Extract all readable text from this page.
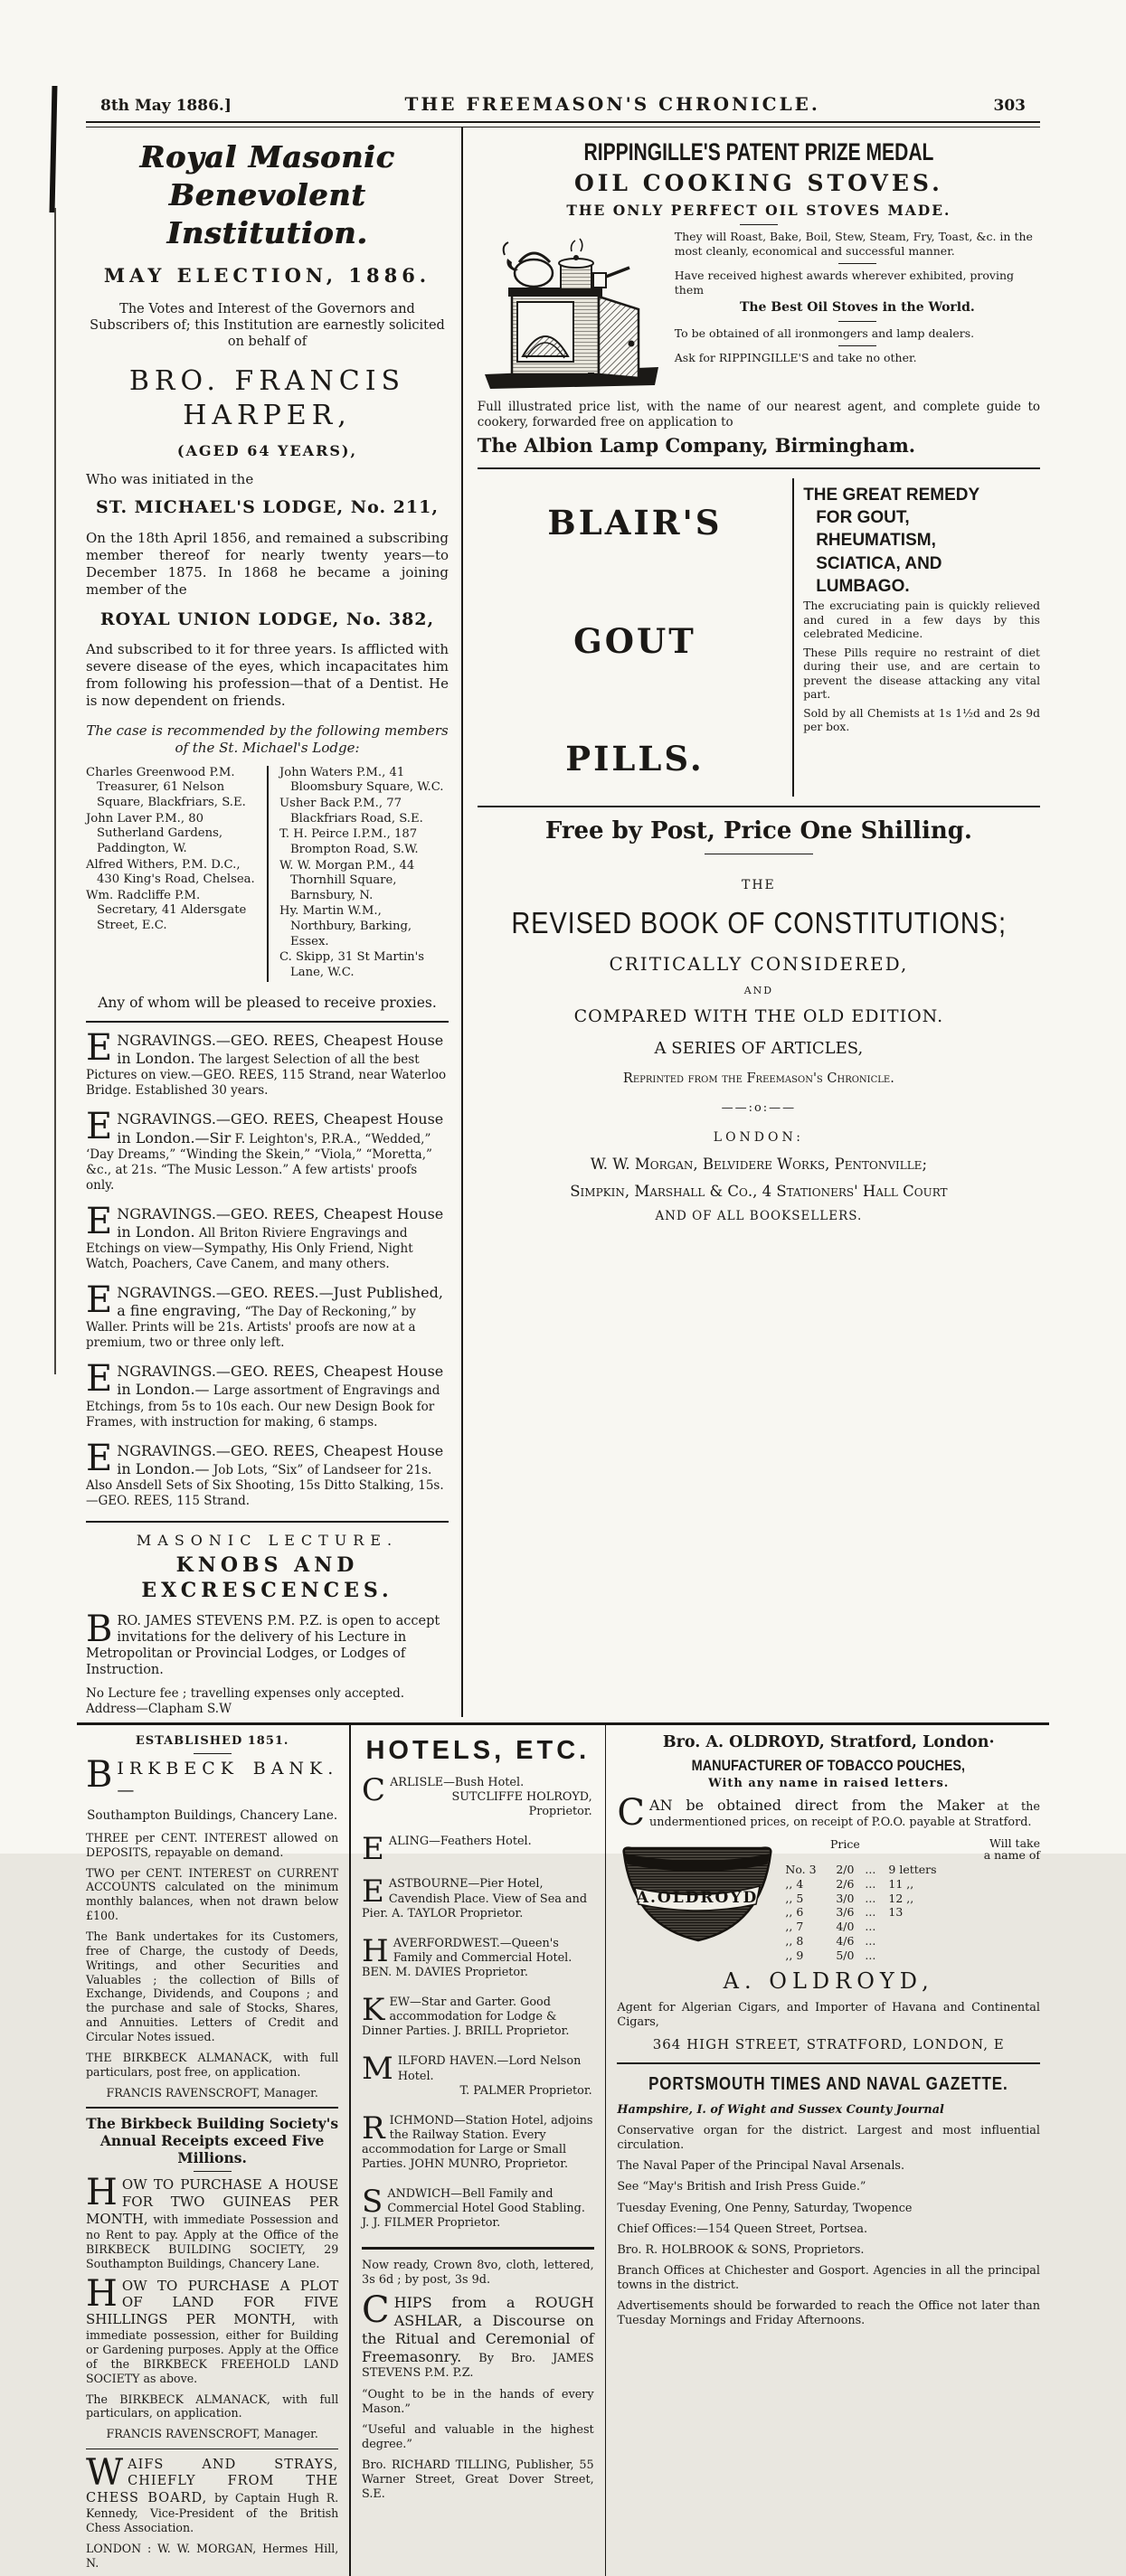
8th May 1886.]	THE FREEMASON'S CHRONICLE.	303
Royal Masonic Benevolent Institution.
MAY ELECTION, 1886.

The Votes and Interest of the Governors and Subscribers of; this Institution are earnestly solicited on behalf of

BRO. FRANCIS HARPER,
(AGED 64 YEARS),

Who was initiated in the

ST. MICHAEL'S LODGE, No. 211,

On the 18th April 1856, and remained a subscribing member thereof for nearly twenty years—to December 1875. In 1868 he became a joining member of the

ROYAL UNION LODGE, No. 382,

And subscribed to it for three years. Is afflicted with severe disease of the eyes, which incapacitates him from following his profession—that of a Dentist. He is now dependent on friends.

The case is recommended by the following members of the St. Michael's Lodge:

Charles Greenwood P.M. Treasurer, 61 Nelson Square, Blackfriars, S.E.
John Laver P.M., 80 Sutherland Gardens, Paddington, W.
Alfred Withers, P.M. D.C., 430 King's Road, Chelsea.
Wm. Radcliffe P.M. Secretary, 41 Aldersgate Street, E.C.
John Waters P.M., 41 Bloomsbury Square, W.C.
Usher Back P.M., 77 Blackfriars Road, S.E.
T. H. Peirce I.P.M., 187 Brompton Road, S.W.
W. W. Morgan P.M., 44 Thornhill Square, Barnsbury, N.
Hy. Martin W.M., Northbury, Barking, Essex.
C. Skipp, 31 St Martin's Lane, W.C.

Any of whom will be pleased to receive proxies.

ENGRAVINGS.—GEO. REES, Cheapest House in London. The largest Selection of all the best Pictures on view.—GEO. REES, 115 Strand, near Waterloo Bridge. Established 30 years.

ENGRAVINGS.—GEO. REES, Cheapest House in London.—Sir F. Leighton's, P.R.A., “Wedded,” ‘Day Dreams,” “Winding the Skein,” “Viola,” “Moretta,” &c., at 21s. “The Music Lesson.” A few artists' proofs only.

ENGRAVINGS.—GEO. REES, Cheapest House in London. All Briton Riviere Engravings and Etchings on view—Sympathy, His Only Friend, Night Watch, Poachers, Cave Canem, and many others.

ENGRAVINGS.—GEO. REES.—Just Published, a fine engraving, “The Day of Reckoning,” by Waller. Prints will be 21s. Artists' proofs are now at a premium, two or three only left.

ENGRAVINGS.—GEO. REES, Cheapest House in London.— Large assortment of Engravings and Etchings, from 5s to 10s each. Our new Design Book for Frames, with instruction for making, 6 stamps.

ENGRAVINGS.—GEO. REES, Cheapest House in London.— Job Lots, “Six” of Landseer for 21s. Also Ansdell Sets of Six Shooting, 15s Ditto Stalking, 15s.—GEO. REES, 115 Strand.

MASONIC LECTURE.
KNOBS AND EXCRESCENCES.

BRO. JAMES STEVENS P.M. P.Z. is open to accept invitations for the delivery of his Lecture in Metropolitan or Provincial Lodges, or Lodges of Instruction.

No Lecture fee ; travelling expenses only accepted. Address—Clapham S.W

RIPPINGILLE'S PATENT PRIZE MEDAL
OIL COOKING STOVES.
THE ONLY PERFECT OIL STOVES MADE.

They will Roast, Bake, Boil, Stew, Steam, Fry, Toast, &c. in the most cleanly, economical and successful manner.

Have received highest awards wherever exhibited, proving them

The Best Oil Stoves in the World.

To be obtained of all ironmongers and lamp dealers.

Ask for RIPPINGILLE'S and take no other.

Full illustrated price list, with the name of our nearest agent, and complete guide to cookery, forwarded free on application to

The Albion Lamp Company, Birmingham.
BLAIR'S
GOUT
PILLS.
THE GREAT REMEDY
FOR GOUT,
RHEUMATISM,
SCIATICA, AND
LUMBAGO.

The excruciating pain is quickly relieved and cured in a few days by this celebrated Medicine.

These Pills require no restraint of diet during their use, and are certain to prevent the disease attacking any vital part.

Sold by all Chemists at 1s 1½d and 2s 9d per box.

Free by Post, Price One Shilling.
THE
REVISED BOOK OF CONSTITUTIONS;
CRITICALLY CONSIDERED,
AND
COMPARED WITH THE OLD EDITION.
A SERIES OF ARTICLES,
Reprinted from the Freemason's Chronicle.
——:o:——
LONDON:
W. W. Morgan, Belvidere Works, Pentonville;
Simpkin, Marshall & Co., 4 Stationers' Hall Court
AND OF ALL BOOKSELLERS.
ESTABLISHED 1851.

BIRKBECK BANK.—

Southampton Buildings, Chancery Lane.

THREE per CENT. INTEREST allowed on DEPOSITS, repayable on demand.

TWO per CENT. INTEREST on CURRENT ACCOUNTS calculated on the minimum monthly balances, when not drawn below £100.

The Bank undertakes for its Customers, free of Charge, the custody of Deeds, Writings, and other Securities and Valuables ; the collection of Bills of Exchange, Dividends, and Coupons ; and the purchase and sale of Stocks, Shares, and Annuities. Letters of Credit and Circular Notes issued.

THE BIRKBECK ALMANACK, with full particulars, post free, on application.

FRANCIS RAVENSCROFT, Manager.
The Birkbeck Building Society's Annual Receipts exceed Five Millions.

HOW TO PURCHASE A HOUSE FOR TWO GUINEAS PER MONTH, with immediate Possession and no Rent to pay. Apply at the Office of the BIRKBECK BUILDING SOCIETY, 29 Southampton Buildings, Chancery Lane.

HOW TO PURCHASE A PLOT OF LAND FOR FIVE SHILLINGS PER MONTH, with immediate possession, either for Building or Gardening purposes. Apply at the Office of the BIRKBECK FREEHOLD LAND SOCIETY as above.

The BIRKBECK ALMANACK, with full particulars, on application.

FRANCIS RAVENSCROFT, Manager.

WAIFS AND STRAYS, CHIEFLY FROM THE CHESS BOARD, by Captain Hugh R. Kennedy, Vice-President of the British Chess Association.

LONDON : W. W. MORGAN, Hermes Hill, N.

HOTELS, ETC.
CARLISLE—Bush Hotel.
SUTCLIFFE HOLROYD, Proprietor.
EALING—Feathers Hotel.
EASTBOURNE—Pier Hotel, Cavendish Place. View of Sea and Pier. A. TAYLOR Proprietor.
HAVERFORDWEST.—Queen's Family and Commercial Hotel. BEN. M. DAVIES Proprietor.
KEW—Star and Garter. Good accommodation for Lodge & Dinner Parties. J. BRILL Proprietor.
MILFORD HAVEN.—Lord Nelson Hotel.
T. PALMER Proprietor.
RICHMOND—Station Hotel, adjoins the Railway Station. Every accommodation for Large or Small Parties. JOHN MUNRO, Proprietor.
SANDWICH—Bell Family and Commercial Hotel Good Stabling. J. J. FILMER Proprietor.

Now ready, Crown 8vo, cloth, lettered, 3s 6d ; by post, 3s 9d.

CHIPS from a ROUGH ASHLAR, a Discourse on the Ritual and Ceremonial of Freemasonry. By Bro. JAMES STEVENS P.M. P.Z.

“Ought to be in the hands of every Mason.”

“Useful and valuable in the highest degree.”

Bro. RICHARD TILLING, Publisher, 55 Warner Street, Great Dover Street, S.E.

Bro. A. OLDROYD, Stratford, London·
MANUFACTURER OF TOBACCO POUCHES,
With any name in raised letters.

CAN be obtained direct from the Maker at the undermentioned prices, on receipt of P.O.O. payable at Stratford.

A.OLDROYD
Price	Will take
a name of
No. 3	2/0 ...	9 letters
,, 4	2/6 ...	11 ,,
,, 5	3/0 ...	12 ,,
,, 6	3/6 ...	13
,, 7	4/0 ...
,, 8	4/6 ...
,, 9	5/0 ...
A. OLDROYD,

Agent for Algerian Cigars, and Importer of Havana and Continental Cigars,

364 HIGH STREET, STRATFORD, LONDON, E
PORTSMOUTH TIMES AND NAVAL GAZETTE.

Hampshire, I. of Wight and Sussex County Journal

Conservative organ for the district. Largest and most influential circulation.

The Naval Paper of the Principal Naval Arsenals.

See “May's British and Irish Press Guide.”

Tuesday Evening, One Penny, Saturday, Twopence

Chief Offices:—154 Queen Street, Portsea.

Bro. R. HOLBROOK & SONS, Proprietors.

Branch Offices at Chichester and Gosport. Agencies in all the principal towns in the district.

Advertisements should be forwarded to reach the Office not later than Tuesday Mornings and Friday Afternoons.
